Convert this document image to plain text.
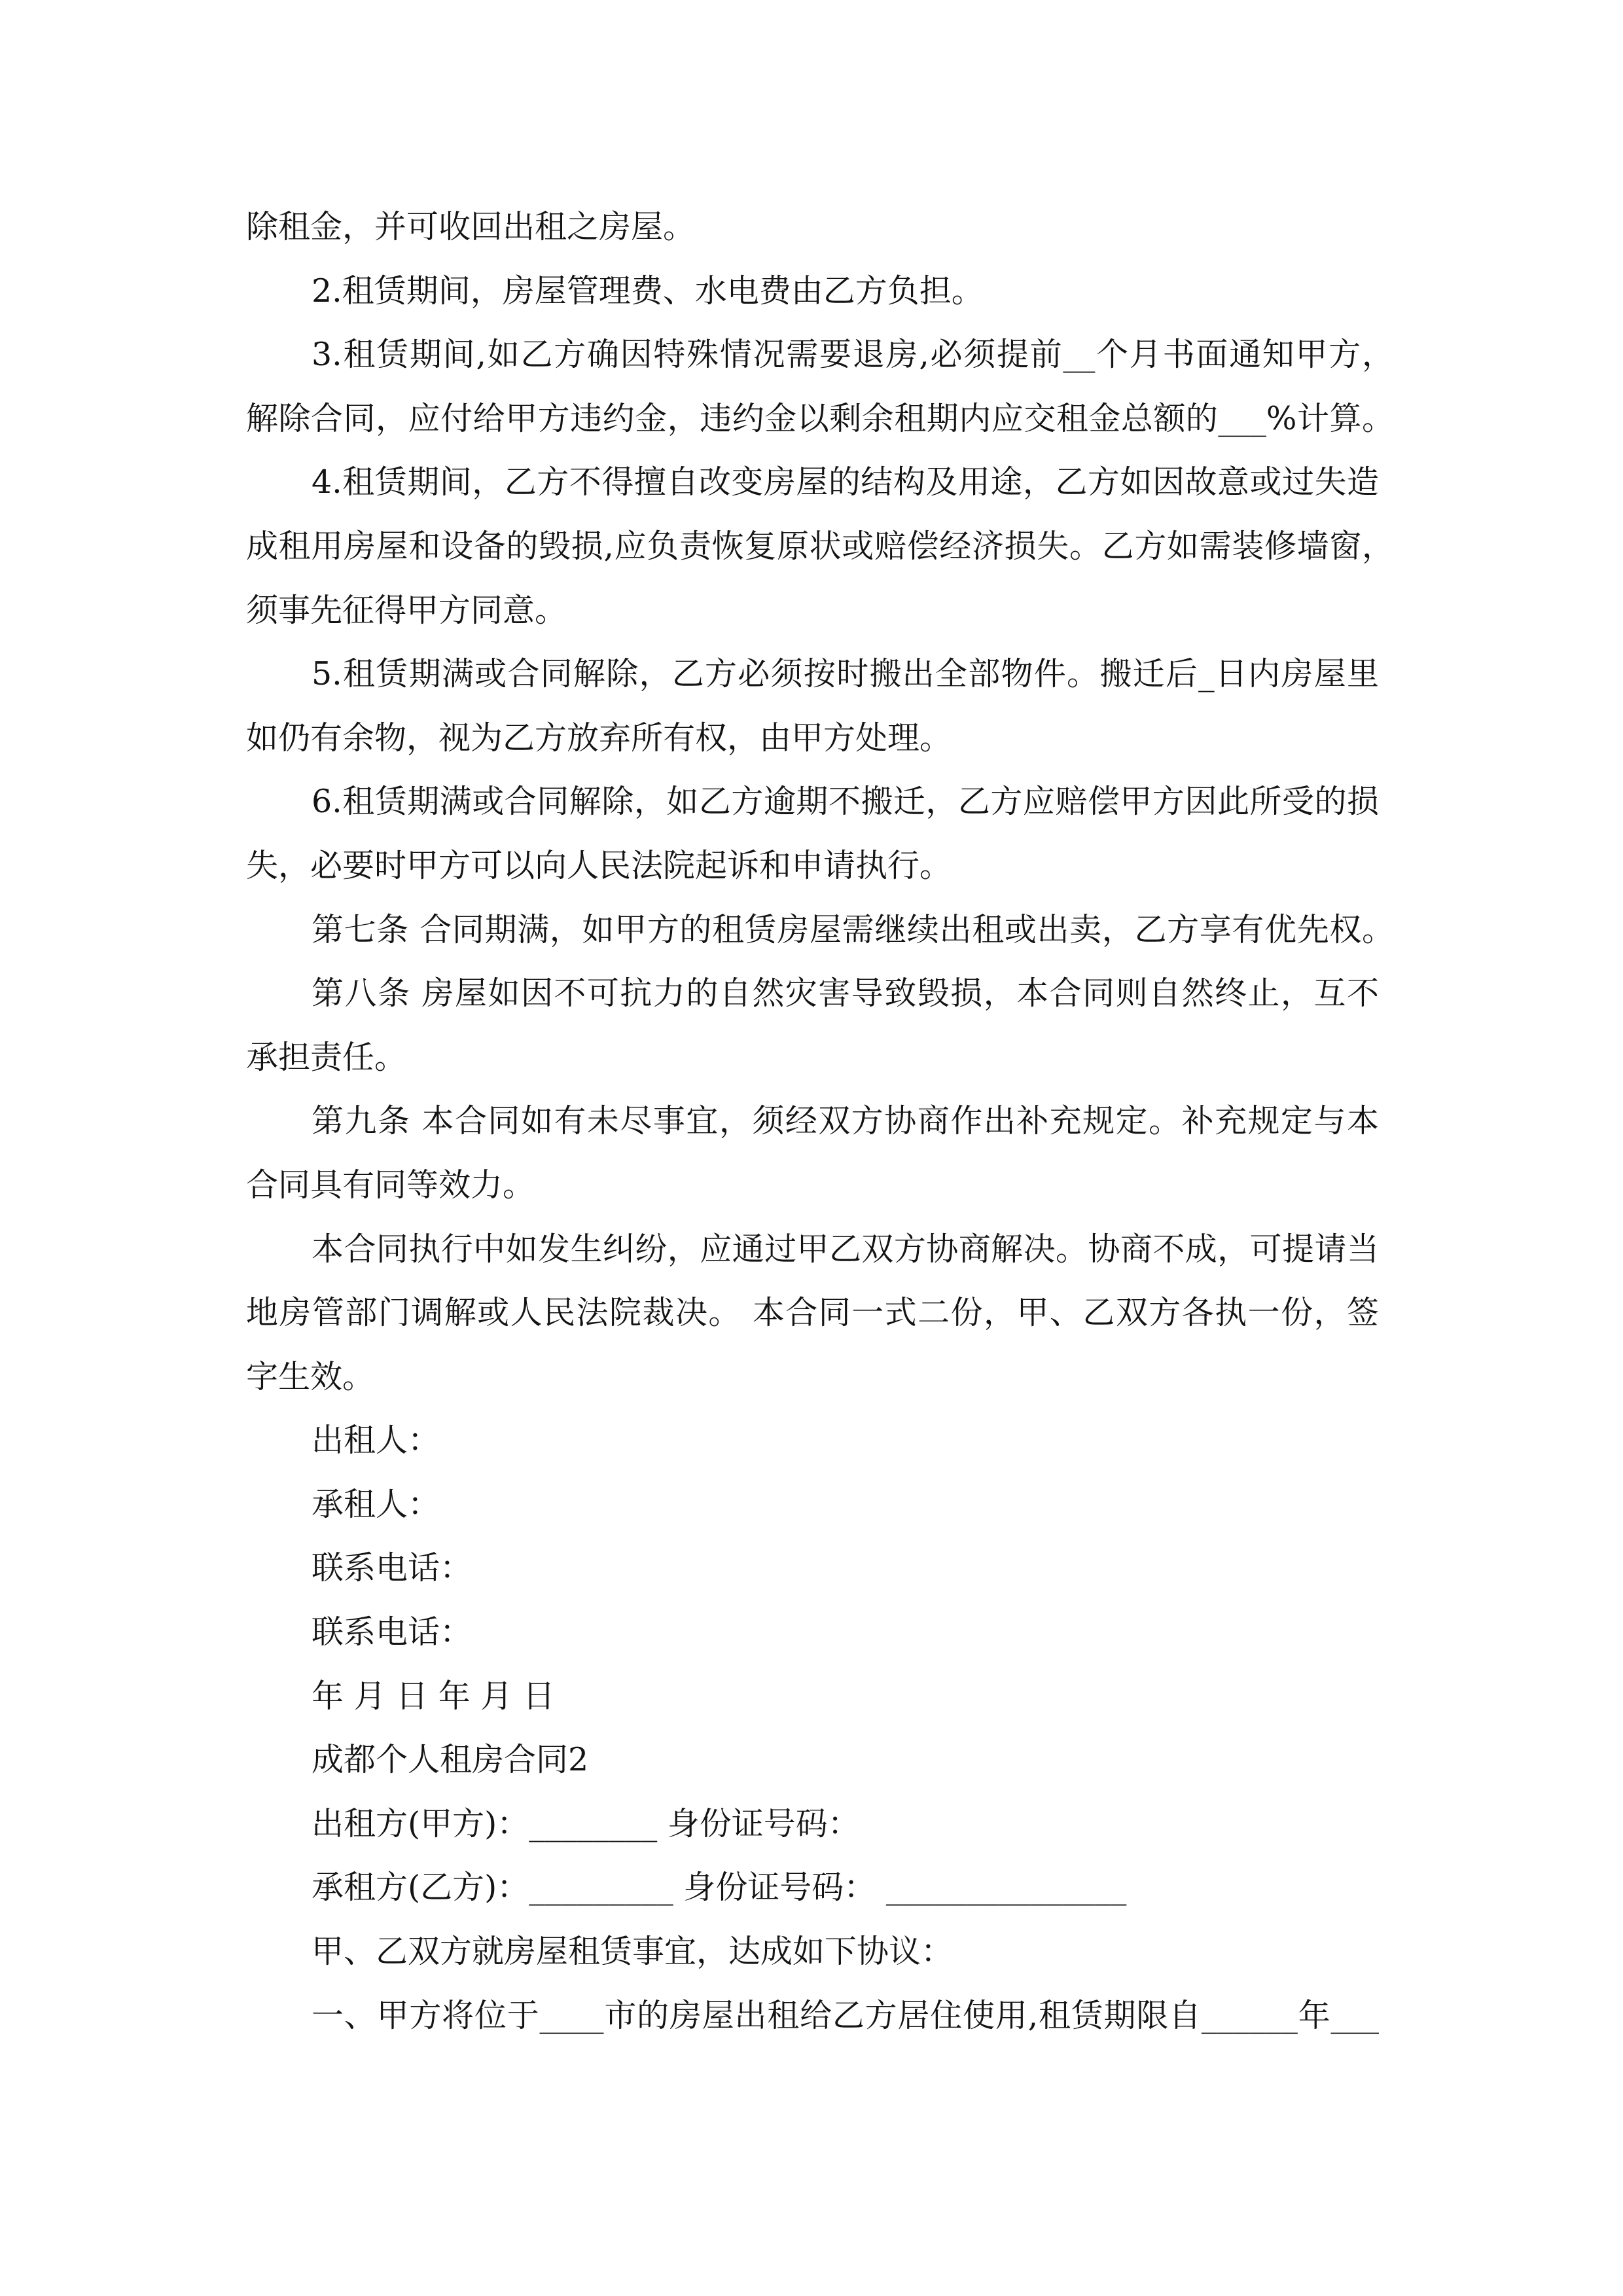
除租金，并可收回出租之房屋。
2.租赁期间，房屋管理费、水电费由乙方负担。
3.租赁期间,如乙方确因特殊情况需要退房,必须提前__个月书面通知甲方，
解除合同，应付给甲方违约金，违约金以剩余租期内应交租金总额的___%计算。
4.租赁期间，乙方不得擅自改变房屋的结构及用途，乙方如因故意或过失造
成租用房屋和设备的毁损,应负责恢复原状或赔偿经济损失。乙方如需装修墙窗，
须事先征得甲方同意。
5.租赁期满或合同解除，乙方必须按时搬出全部物件。搬迁后_日内房屋里
如仍有余物，视为乙方放弃所有权，由甲方处理。
6.租赁期满或合同解除，如乙方逾期不搬迁，乙方应赔偿甲方因此所受的损
失，必要时甲方可以向人民法院起诉和申请执行。
第七条 合同期满，如甲方的租赁房屋需继续出租或出卖，乙方享有优先权。
第八条 房屋如因不可抗力的自然灾害导致毁损，本合同则自然终止，互不
承担责任。
第九条 本合同如有未尽事宜，须经双方协商作出补充规定。补充规定与本
合同具有同等效力。
本合同执行中如发生纠纷，应通过甲乙双方协商解决。协商不成，可提请当
地房管部门调解或人民法院裁决。 本合同一式二份，甲、乙双方各执一份，签
字生效。
出租人：
承租人：
联系电话：
联系电话：
年 月 日 年 月 日
成都个人租房合同2
出租方(甲方)：________ 身份证号码：
承租方(乙方)：_________ 身份证号码： _______________
甲、乙双方就房屋租赁事宜，达成如下协议：
一、甲方将位于____市的房屋出租给乙方居住使用,租赁期限自______年___
